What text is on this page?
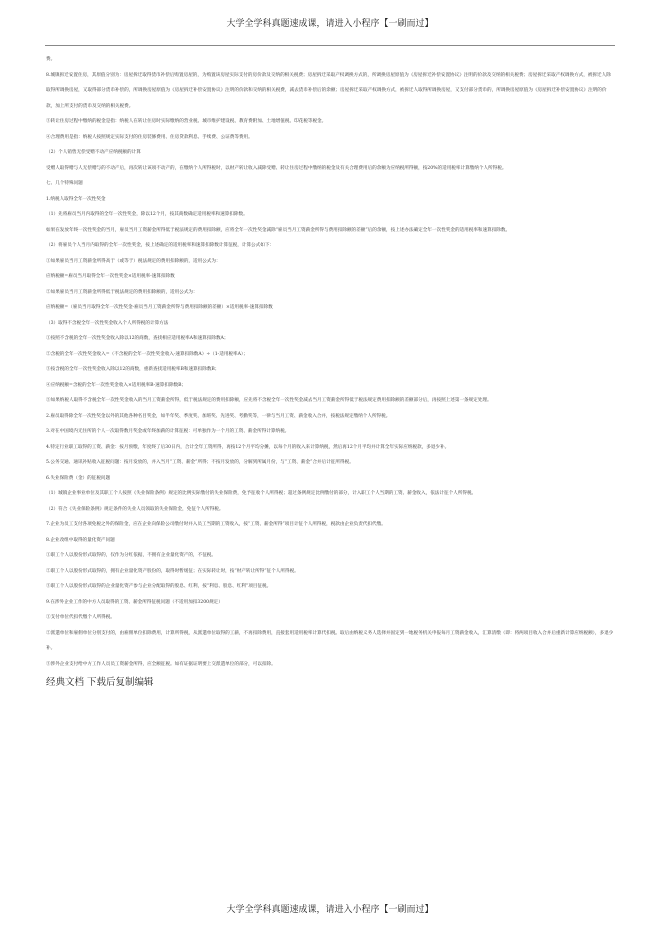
大学全学科真题速成课，请进入小程序【一刷而过】

费。

8.城镇拆迁安置住房，其原值分别为：房屋拆迁取得货币补偿后购置房屋的，为购置该房屋实际支付的房价款及交纳的相关税费；房屋拆迁采取产权调换方式的，所调换房屋原值为《房屋拆迁补偿安置协议》注明的价款及交纳的相关税费；房屋拆迁采取产权调换方式，被拆迁人除取得所调换房屋，又取得部分货币补偿的，所调换房屋原值为《房屋拆迁补偿安置协议》注明的价款和交纳的相关税费，减去货币补偿后的余额；房屋拆迁采取产权调换方式，被拆迁人取得所调换房屋，又支付部分货币的，所调换房屋原值为《房屋拆迁补偿安置协议》注明的价款，加上所支付的货币及交纳的相关税费。

③转让住房过程中缴纳的税金是指：纳税人在转让住房时实际缴纳的营业税、城市维护建设税、教育费附加、土地增值税、印花税等税金。

④合理费用是指：纳税人按照规定实际支付的住房装修费用、住房贷款利息、手续费、公证费等费用。

（2）个人销售无偿受赠不动产应纳税额的计算

受赠人取得赠与人无偿赠与的不动产后，再次转让该项不动产的，在缴纳个人所得税时，以财产转让收入减除受赠、转让住房过程中缴纳的税金及有关合理费用后的余额为应纳税所得额，按20%的适用税率计算缴纳个人所得税。

七、几个特殊问题

1.纳税人取得全年一次性奖金

（1）先将雇员当月内取得的全年一次性奖金，除以12个月，按其商数确定适用税率和速算扣除数。

如果在发放年终一次性奖金的当月，雇员当月工资薪金所得低于税法规定的费用扣除额，应将全年一次性奖金减除“雇员当月工资薪金所得与费用扣除额的差额”后的余额，按上述办法确定全年一次性奖金的适用税率和速算扣除数。

（2）将雇员个人当月内取得的全年一次性奖金，按上述确定的适用税率和速算扣除数计算征税，计算公式如下：

①如果雇员当月工资薪金所得高于（或等于）税法规定的费用扣除额的，适用公式为：

应纳税额=雇员当月取得全年一次性奖金×适用税率-速算扣除数

②如果雇员当月工资薪金所得低于税法规定的费用扣除额的，适用公式为：

应纳税额=（雇员当月取得全年一次性奖金-雇员当月工资薪金所得与费用扣除额的差额）×适用税率-速算扣除数

（3）取得不含税全年一次性奖金收入个人所得税的计算方法

①按照不含税的全年一次性奖金收入除以12的商数，查找相应适用税率A和速算扣除数A；

②含税的全年一次性奖金收入=（不含税的全年一次性奖金收入-速算扣除数A）÷（1-适用税率A）；

③按含税的全年一次性奖金收入除以12的商数，重新查找适用税率B和速算扣除数B；

④应纳税额=含税的全年一次性奖金收入×适用税率B-速算扣除数B；

⑤如果纳税人取得不含税全年一次性奖金收入的当月工资薪金所得，低于税法规定的费用扣除额，应先将不含税全年一次性奖金减去当月工资薪金所得低于税法规定费用扣除额的差额部分后，再按照上述第一条规定处理。

2.雇员取得除全年一次性奖金以外的其他各种名目奖金，如半年奖、季度奖、加班奖、先进奖、考勤奖等，一律与当月工资、薪金收入合并，按税法规定缴纳个人所得税。

3.对在中国境内无住所的个人一次取得数月奖金或年终加薪的计算征税：可单独作为一个月的工资、薪金所得计算纳税。

4.特定行业职工取得的工资、薪金：按月预缴，年度终了后30日内，合计全年工资所得，再按12个月平均分摊，以每个月的收入来计算纳税，然后再12个月平均并计算全年实际应纳税款，多退少补。

5.公务交通、通讯补贴收入征税问题：按月发放的，并入当月“工资、薪金”所得；不按月发放的，分解到所属月份，与“工资、薪金”合并后计征所得税。

6.失业保险费（金）的征税问题

（1）城镇企业事业单位及其职工个人按照《失业保险条例》规定的比例实际缴付的失业保险费，免予征收个人所得税；超过条例规定比例缴付的部分，计入职工个人当期的工资、薪金收入，依法计征个人所得税。

（2）符合《失业保险条例》规定条件的失业人员领取的失业保险金，免征个人所得税。

7.企业为员工支付各项免税之外的保险金，应在企业向保险公司缴付时并入员工当期的工资收入，按“工资、薪金所得”项目计征个人所得税，税款由企业负责代扣代缴。

8.企业改组中取得的量化资产问题

①职工个人以股份形式取得的，仅作为分红依据，不拥有企业量化资产的，不征税。

②职工个人以股份形式取得的，拥有企业量化资产股份的，取得时暂缓征；在实际转让时，按“财产转让所得”征个人所得税。

③职工个人以股份形式取得的企业量化资产参与企业分配取得的股息、红利，按“利息、股息、红利”项目征税。

9.在涉外企业工作的中方人员取得的工资、薪金所得征税问题（不适用加扣3200规定）

①支付单位代扣代缴个人所得税。

②派遣单位和雇佣单位分别支付的，由雇佣单位扣除费用，计算所得税，从派遣单位取得的工薪，不再扣除费用，直接套用适用税率计算代扣税。取后由纳税义务人选择并固定到一地税务机关申报每月工资薪金收入，汇算清缴（即：将两项目收入合并后重新计算应纳税额），多退少补。

③涉外企业支付给中方工作人员员工资薪金所得，应全额征税。如有证据证明要上交派遣单位的部分，可以扣除。

经典文档 下载后复制编辑

大学全学科真题速成课，请进入小程序【一刷而过】
